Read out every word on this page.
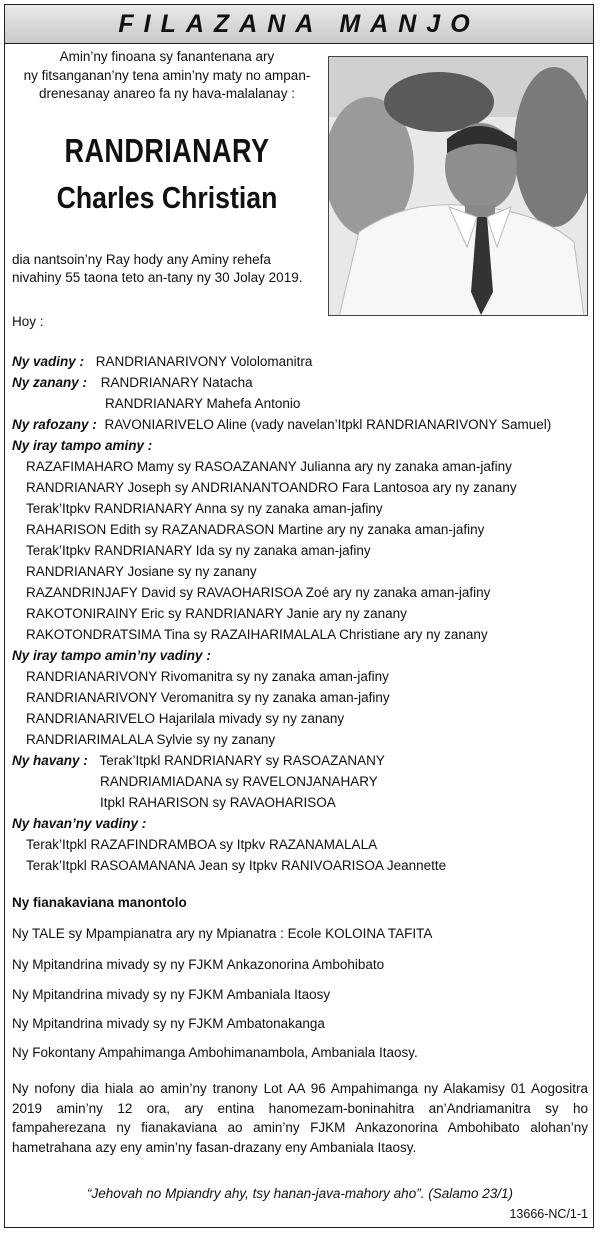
FILAZANA MANJO
Amin’ny finoana sy fanantenana ary
ny fitsanganan’ny tena amin’ny maty no ampan-
drenesanay anareo fa ny hava-malalanay :
RANDRIANARY
Charles Christian
dia nantsoin’ny Ray hody any Aminy rehefa
nivahiny 55 taona teto an-tany ny 30 Jolay 2019.
Hoy :
Ny vadiny : RANDRIANARIVONY Vololomanitra
Ny zanany : RANDRIANARY Natacha
RANDRIANARY Mahefa Antonio
Ny rafozany : RAVONIARIVELO Aline (vady navelan’Itpkl RANDRIANARIVONY Samuel)
Ny iray tampo aminy :
RAZAFIMAHARO Mamy sy RASOAZANANY Julianna ary ny zanaka aman-jafiny
RANDRIANARY Joseph sy ANDRIANANTOANDRO Fara Lantosoa ary ny zanany
Terak’Itpkv RANDRIANARY Anna sy ny zanaka aman-jafiny
RAHARISON Edith sy RAZANADRASON Martine ary ny zanaka aman-jafiny
Terak’Itpkv RANDRIANARY Ida sy ny zanaka aman-jafiny
RANDRIANARY Josiane sy ny zanany
RAZANDRINJAFY David sy RAVAOHARISOA Zoé ary ny zanaka aman-jafiny
RAKOTONIRAINY Eric sy RANDRIANARY Janie ary ny zanany
RAKOTONDRATSIMA Tina sy RAZAIHARIMALALA Christiane ary ny zanany
Ny iray tampo amin’ny vadiny :
RANDRIANARIVONY Rivomanitra sy ny zanaka aman-jafiny
RANDRIANARIVONY Veromanitra sy ny zanaka aman-jafiny
RANDRIANARIVELO Hajarilala mivady sy ny zanany
RANDRIARIMALALA Sylvie sy ny zanany
Ny havany : Terak’Itpkl RANDRIANARY sy RASOAZANANY
RANDRIAMIADANA sy RAVELONJANAHARY
Itpkl RAHARISON sy RAVAOHARISOA
Ny havan’ny vadiny :
Terak’Itpkl RAZAFINDRAMBOA sy Itpkv RAZANAMALALA
Terak’Itpkl RASOAMANANA Jean sy Itpkv RANIVOARISOA Jeannette
Ny fianakaviana manontolo
Ny TALE sy Mpampianatra ary ny Mpianatra : Ecole KOLOINA TAFITA
Ny Mpitandrina mivady sy ny FJKM Ankazonorina Ambohibato
Ny Mpitandrina mivady sy ny FJKM Ambaniala Itaosy
Ny Mpitandrina mivady sy ny FJKM Ambatonakanga
Ny Fokontany Ampahimanga Ambohimanambola, Ambaniala Itaosy.
Ny nofony dia hiala ao amin’ny tranony Lot AA 96 Ampahimanga ny Alakamisy 01 Aogositra 2019 amin’ny 12 ora, ary entina hanomezam-boninahitra an’Andriamanitra sy ho fampaherezana ny fianakaviana ao amin’ny FJKM Ankazonorina Ambohibato alohan’ny hametrahana azy eny amin’ny fasan-drazany eny Ambaniala Itaosy.
“Jehovah no Mpiandry ahy, tsy hanan-java-mahory aho”. (Salamo 23/1)
13666-NC/1-1
